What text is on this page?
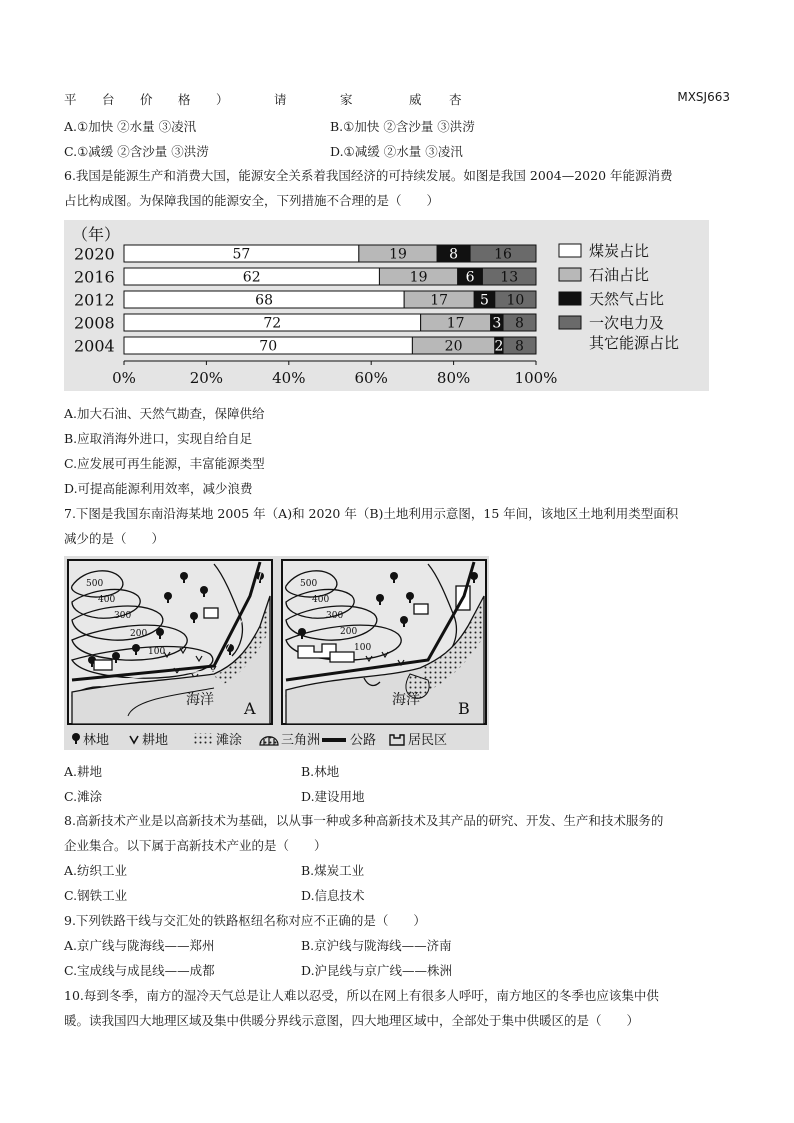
平 台 价 格 ）	请	家	威 杏	MXSJ663
A.①加快 ②水量 ③凌汛	B.①加快 ②含沙量 ③洪涝
C.①减缓 ②含沙量 ③洪涝	D.①减缓 ②水量 ③凌汛
6.我国是能源生产和消费大国，能源安全关系着我国经济的可持续发展。如图是我国 2004—2020 年能源消费
占比构成图。为保障我国的能源安全，下列措施不合理的是（　　）
（年）
2020	57	19	8	16
2016	62	19	6 13
2012	68	17 5 10
2008	72	17 3 8
2004	70	20 2 8
0%	20%	40%	60%	80%	100%
煤炭占比
石油占比
天然气占比
一次电力及其它能源占比
A.加大石油、天然气勘查，保障供给
B.应取消海外进口，实现自给自足
C.应发展可再生能源，丰富能源类型
D.可提高能源利用效率，减少浪费
7.下图是我国东南沿海某地 2005 年（A)和 2020 年（B)土地利用示意图，15 年间，该地区土地利用类型面积
减少的是（　　）
500
400
300
200
100
海洋 A
500
400
300
200
100
海洋 B
林地	耕地	滩涂	三角洲 公路 居民区
A.耕地	B.林地
C.滩涂	D.建设用地
8.高新技术产业是以高新技术为基础，以从事一种或多种高新技术及其产品的研究、开发、生产和技术服务的
企业集合。以下属于高新技术产业的是（　　）
A.纺织工业	B.煤炭工业
C.钢铁工业	D.信息技术
9.下列铁路干线与交汇处的铁路枢纽名称对应不正确的是（　　）
A.京广线与陇海线——郑州	B.京沪线与陇海线——济南
C.宝成线与成昆线——成都	D.沪昆线与京广线——株洲
10.每到冬季，南方的湿冷天气总是让人难以忍受，所以在网上有很多人呼吁，南方地区的冬季也应该集中供
暖。读我国四大地理区域及集中供暖分界线示意图，四大地理区域中，全部处于集中供暖区的是（　　）
